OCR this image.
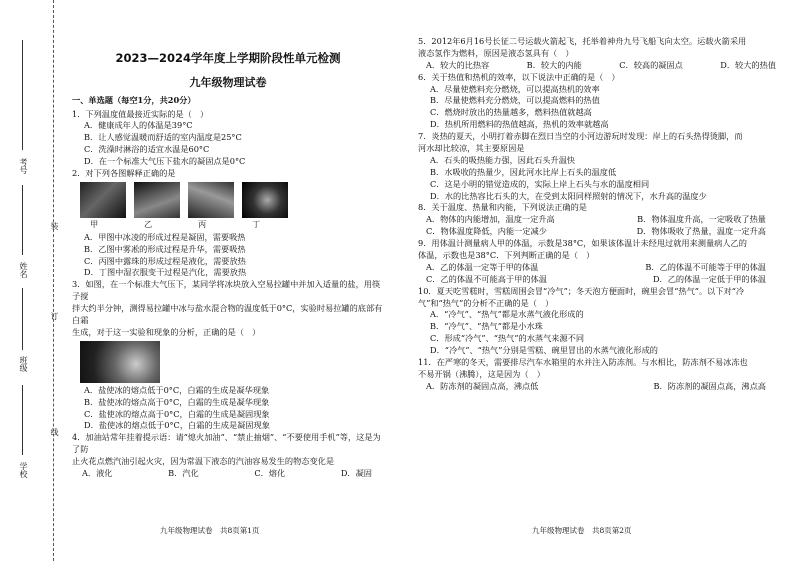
考号
姓名
班级
学校
装
订
线
2023—2024学年度上学期阶段性单元检测
九年级物理试卷

一、单选题（每空1分，共20分）

1．下列温度值最接近实际的是（　）

A．健康成年人的体温是39°C

B．让人感觉温暖而舒适的室内温度是25°C

C．洗澡时淋浴的适宜水温是60°C

D．在一个标准大气压下盐水的凝固点是0°C

2．对下列各图解释正确的是

甲	乙	丙	丁

A．甲图中冰凌的形成过程是凝固，需要吸热

B．乙图中雾凇的形成过程是升华，需要吸热

C．丙图中露珠的形成过程是液化，需要放热

D．丁图中湿衣服变干过程是汽化，需要放热

3．如图，在一个标准大气压下，某同学将冰块放入空易拉罐中并加入适量的盐，用筷子搅

拌大约半分钟，测得易拉罐中冰与盐水混合物的温度低于0°C，实验时易拉罐的底部有白霜

生成，对于这一实验和现象的分析，正确的是（　）

A．盐使冰的熔点低于0°C，白霜的生成是凝华现象

B．盐使冰的熔点高于0°C，白霜的生成是凝华现象

C．盐使冰的熔点高于0°C，白霜的生成是凝固现象

D．盐使冰的熔点低于0°C，白霜的生成是凝固现象

4．加油站常年挂着提示语：请“熄火加油”、“禁止抽烟”、“不要使用手机”等，这是为了防

止火花点燃汽油引起火灾，因为常温下液态的汽油容易发生的物态变化是

A．液化	B．汽化	C．熔化	D．凝固

5．2012年6月16号长征二号运载火箭起飞，托举着神舟九号飞船飞向太空。运载火箭采用

液态氢作为燃料，原因是液态氢具有（　）

A．较大的比热容	B．较大的内能	C．较高的凝固点	D．较大的热值

6．关于热值和热机的效率，以下说法中正确的是（　）

A．尽量使燃料充分燃烧，可以提高热机的效率

B．尽量使燃料充分燃烧，可以提高燃料的热值

C．燃烧时放出的热量越多，燃料热值就越高

D．热机所用燃料的热值越高，热机的效率就越高

7．炎热的夏天，小明打着赤脚在烈日当空的小河边游玩时发现：岸上的石头热得烫脚，而

河水却比较凉，其主要原因是

A．石头的吸热能力强，因此石头升温快

B．水吸收的热量少，因此河水比岸上石头的温度低

C．这是小明的错觉造成的，实际上岸上石头与水的温度相同

D．水的比热容比石头的大，在受到太阳同样照射的情况下，水升高的温度少

8．关于温度、热量和内能，下列说法正确的是

A．物体的内能增加，温度一定升高	B．物体温度升高，一定吸收了热量
C．物体温度降低，内能一定减少	D．物体吸收了热量，温度一定升高

9．用体温计测量病人甲的体温，示数是38°C，如果该体温计未经甩过就用来测量病人乙的

体温，示数也是38°C．下列判断正确的是（　）

A．乙的体温一定等于甲的体温	B．乙的体温不可能等于甲的体温
C．乙的体温不可能高于甲的体温	D．乙的体温一定低于甲的体温

10．夏天吃雪糕时，雪糕周围会冒“冷气”；冬天泡方便面时，碗里会冒“热气”。以下对“冷

气”和“热气”的分析不正确的是（　）

A．“冷气”、“热气”都是水蒸气液化形成的

B．“冷气”、“热气”都是小水珠

C．形成“冷气”、“热气”的水蒸气来源不同

D．“冷气”、“热气”分别是雪糕、碗里冒出的水蒸气液化形成的

11．在严寒的冬天，需要排尽汽车水箱里的水并注入防冻剂。与水相比，防冻剂不易冰冻也

不易开锅（沸腾），这是因为（　）

A．防冻剂的凝固点高，沸点低	B．防冻剂的凝固点高，沸点高
九年级物理试卷　共8页第1页	九年级物理试卷　共8页第2页
